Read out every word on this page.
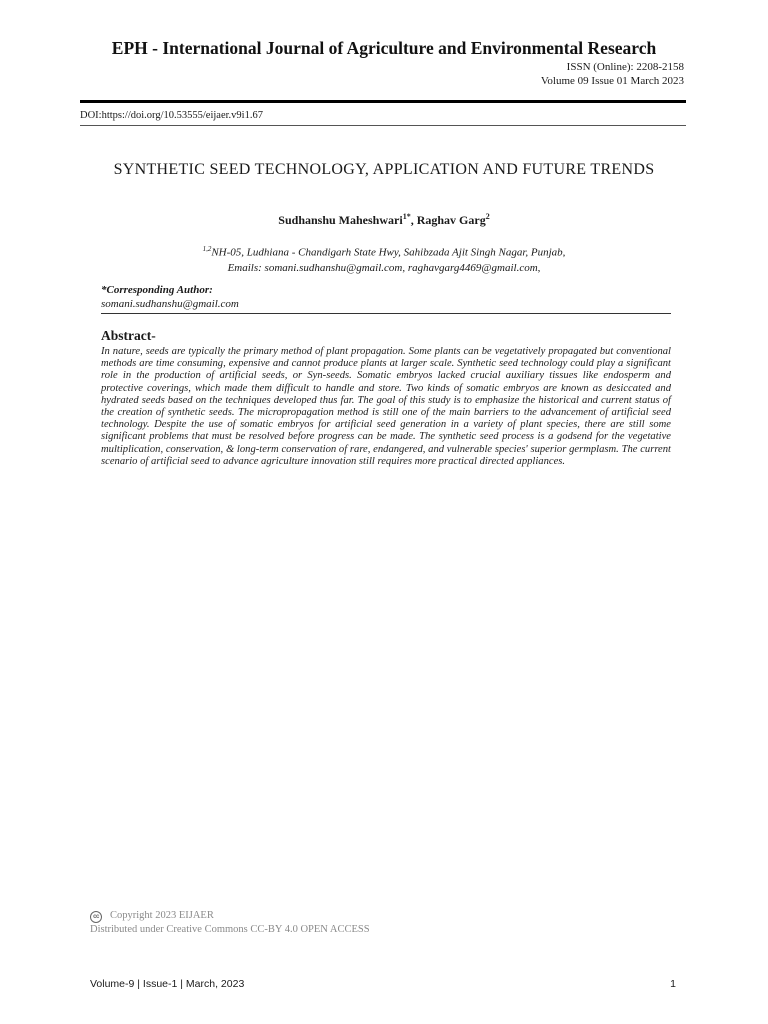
EPH - International Journal of Agriculture and Environmental Research
ISSN (Online): 2208-2158
Volume 09 Issue 01 March 2023
DOI:https://doi.org/10.53555/eijaer.v9i1.67
SYNTHETIC SEED TECHNOLOGY, APPLICATION AND FUTURE TRENDS
Sudhanshu Maheshwari$^{1*}$, Raghav Garg$^2$
$^{1,2}$NH-05, Ludhiana - Chandigarh State Hwy, Sahibzada Ajit Singh Nagar, Punjab,
Emails: somani.sudhanshu@gmail.com, raghavgarg4469@gmail.com,
*Corresponding Author:
somani.sudhanshu@gmail.com
Abstract-
In nature, seeds are typically the primary method of plant propagation. Some plants can be vegetatively propagated but conventional methods are time consuming, expensive and cannot produce plants at larger scale. Synthetic seed technology could play a significant role in the production of artificial seeds, or Syn-seeds. Somatic embryos lacked crucial auxiliary tissues like endosperm and protective coverings, which made them difficult to handle and store. Two kinds of somatic embryos are known as desiccated and hydrated seeds based on the techniques developed thus far. The goal of this study is to emphasize the historical and current status of the creation of synthetic seeds. The micropropagation method is still one of the main barriers to the advancement of artificial seed technology. Despite the use of somatic embryos for artificial seed generation in a variety of plant species, there are still some significant problems that must be resolved before progress can be made. The synthetic seed process is a godsend for the vegetative multiplication, conservation, & long-term conservation of rare, endangered, and vulnerable species' superior germplasm. The current scenario of artificial seed to advance agriculture innovation still requires more practical directed appliances.
cc	Copyright 2023 EIJAER
Distributed under Creative Commons CC-BY 4.0 OPEN ACCESS
Volume-9 | Issue-1 | March, 2023	1
